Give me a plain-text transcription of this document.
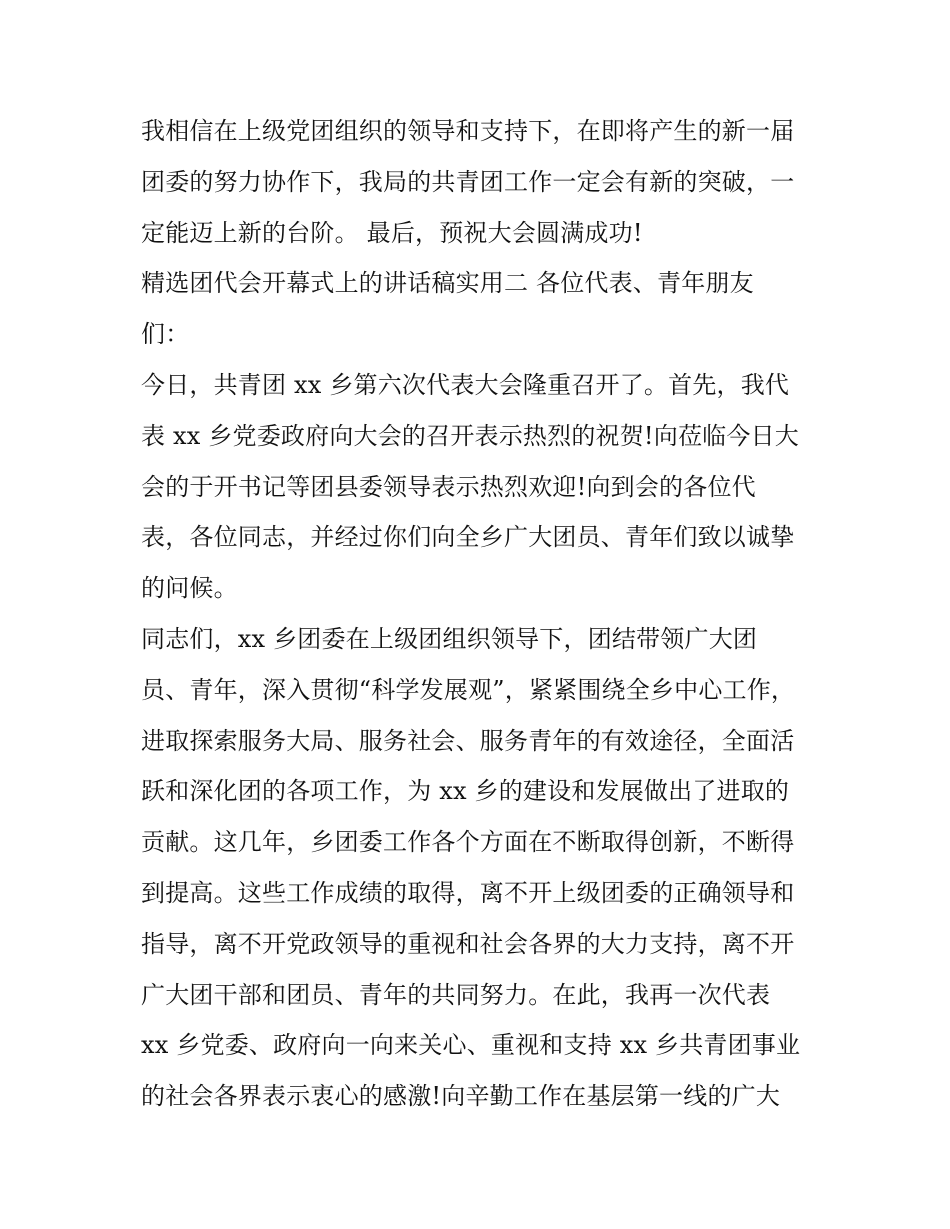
我相信在上级党团组织的领导和支持下，在即将产生的新一届
团委的努力协作下，我局的共青团工作一定会有新的突破，一
定能迈上新的台阶。 最后，预祝大会圆满成功!
精选团代会开幕式上的讲话稿实用二 各位代表、青年朋友
们：
今日，共青团 xx 乡第六次代表大会隆重召开了。首先，我代
表 xx 乡党委政府向大会的召开表示热烈的祝贺!向莅临今日大
会的于开书记等团县委领导表示热烈欢迎!向到会的各位代
表，各位同志，并经过你们向全乡广大团员、青年们致以诚挚
的问候。
同志们，xx 乡团委在上级团组织领导下，团结带领广大团
员、青年，深入贯彻“科学发展观”，紧紧围绕全乡中心工作，
进取探索服务大局、服务社会、服务青年的有效途径，全面活
跃和深化团的各项工作，为 xx 乡的建设和发展做出了进取的
贡献。这几年，乡团委工作各个方面在不断取得创新，不断得
到提高。这些工作成绩的取得，离不开上级团委的正确领导和
指导，离不开党政领导的重视和社会各界的大力支持，离不开
广大团干部和团员、青年的共同努力。在此，我再一次代表
xx 乡党委、政府向一向来关心、重视和支持 xx 乡共青团事业
的社会各界表示衷心的感激!向辛勤工作在基层第一线的广大
